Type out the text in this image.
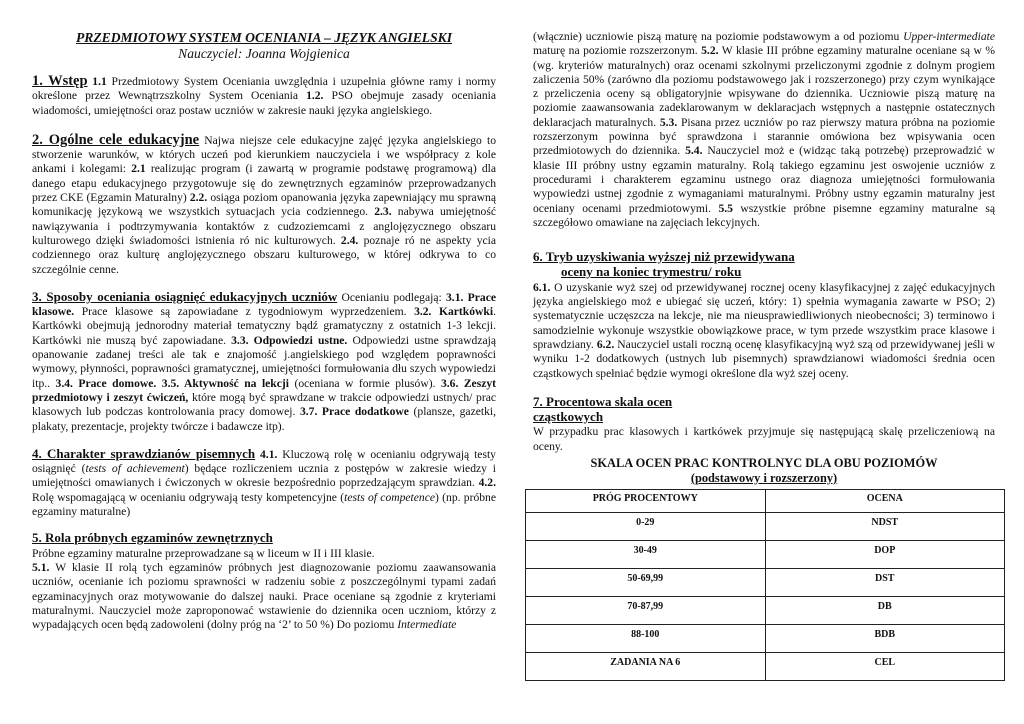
PRZEDMIOTOWY SYSTEM OCENIANIA – JĘZYK ANGIELSKI
Nauczyciel: Joanna Wojgienica

1. Wstęp 1.1 Przedmiotowy System Oceniania uwzględnia i uzupełnia główne ramy i normy określone przez Wewnątrzszkolny System Oceniania 1.2. PSO obejmuje zasady oceniania wiadomości, umiejętności oraz postaw uczniów w zakresie nauki języka angielskiego.

2. Ogólne cele edukacyjne Najwa niejsze cele edukacyjne zajęć języka angielskiego to stworzenie warunków, w których uczeń pod kierunkiem nauczyciela i we współpracy z kole ankami i kolegami: 2.1 realizując program (i zawartą w programie podstawę programową) dla danego etapu edukacyjnego przygotowuje się do zewnętrznych egzaminów przeprowadzanych przez CKE (Egzamin Maturalny) 2.2. osiąga poziom opanowania języka zapewniający mu sprawną komunikację językową we wszystkich sytuacjach ycia codziennego. 2.3. nabywa umiejętność nawiązywania i podtrzymywania kontaktów z cudzoziemcami z anglojęzycznego obszaru kulturowego dzięki świadomości istnienia ró nic kulturowych. 2.4. poznaje ró ne aspekty ycia codziennego oraz kulturę anglojęzycznego obszaru kulturowego, w której odkrywa to co szczególnie cenne.

3. Sposoby oceniania osiągnięć edukacyjnych uczniów Ocenianiu podlegają: 3.1. Prace klasowe. Prace klasowe są zapowiadane z tygodniowym wyprzedzeniem. 3.2. Kartkówki. Kartkówki obejmują jednorodny materiał tematyczny bądź gramatyczny z ostatnich 1-3 lekcji. Kartkówki nie muszą być zapowiadane. 3.3. Odpowiedzi ustne. Odpowiedzi ustne sprawdzają opanowanie zadanej treści ale tak e znajomość j.angielskiego pod względem poprawności wymowy, płynności, poprawności gramatycznej, umiejętności formułowania dłu szych wypowiedzi itp.. 3.4. Prace domowe. 3.5. Aktywność na lekcji (oceniana w formie plusów). 3.6. Zeszyt przedmiotowy i zeszyt ćwiczeń, które mogą być sprawdzane w trakcie odpowiedzi ustnych/ prac klasowych lub podczas kontrolowania pracy domowej. 3.7. Prace dodatkowe (plansze, gazetki, plakaty, prezentacje, projekty twórcze i badawcze itp).

4. Charakter sprawdzianów pisemnych 4.1. Kluczową rolę w ocenianiu odgrywają testy osiągnięć (tests of achievement) będące rozliczeniem ucznia z postępów w zakresie wiedzy i umiejętności omawianych i ćwiczonych w okresie bezpośrednio poprzedzającym sprawdzian. 4.2. Rolę wspomagającą w ocenianiu odgrywają testy kompetencyjne (tests of competence) (np. próbne egzaminy maturalne)

5. Rola próbnych egzaminów zewnętrznych
Próbne egzaminy maturalne przeprowadzane są w liceum w II i III klasie.
5.1. W klasie II rolą tych egzaminów próbnych jest diagnozowanie poziomu zaawansowania uczniów, ocenianie ich poziomu sprawności w radzeniu sobie z poszczególnymi typami zadań egzaminacyjnych oraz motywowanie do dalszej nauki. Prace oceniane są zgodnie z kryteriami maturalnymi. Nauczyciel może zaproponować wstawienie do dziennika ocen uczniom, którzy z wypadających ocen będą zadowoleni (dolny próg na ‘2’ to 50 %) Do poziomu Intermediate

(włącznie) uczniowie piszą maturę na poziomie podstawowym a od poziomu Upper-intermediate maturę na poziomie rozszerzonym. 5.2. W klasie III próbne egzaminy maturalne oceniane są w % (wg. kryteriów maturalnych) oraz ocenami szkolnymi przeliczonymi zgodnie z dolnym progiem zaliczenia 50% (zarówno dla poziomu podstawowego jak i rozszerzonego) przy czym wynikające z przeliczenia oceny są obligatoryjnie wpisywane do dziennika. Uczniowie piszą maturę na poziomie zaawansowania zadeklarowanym w deklaracjach wstępnych a następnie ostatecznych deklaracjach maturalnych. 5.3. Pisana przez uczniów po raz pierwszy matura próbna na poziomie rozszerzonym powinna być sprawdzona i starannie omówiona bez wpisywania ocen przedmiotowych do dziennika. 5.4. Nauczyciel moż e (widząc taką potrzebę) przeprowadzić w klasie III próbny ustny egzamin maturalny. Rolą takiego egzaminu jest oswojenie uczniów z procedurami i charakterem egzaminu ustnego oraz diagnoza umiejętności formułowania wypowiedzi ustnej zgodnie z wymaganiami maturalnymi. Próbny ustny egzamin maturalny jest oceniany ocenami przedmiotowymi. 5.5 wszystkie próbne pisemne egzaminy maturalne są szczegółowo omawiane na zajęciach lekcyjnych.

6. Tryb uzyskiwania wyższej niż przewidywana
oceny na koniec trymestru/ roku
6.1. O uzyskanie wyż szej od przewidywanej rocznej oceny klasyfikacyjnej z zajęć edukacyjnych języka angielskiego moż e ubiegać się uczeń, który: 1) spełnia wymagania zawarte w PSO; 2) systematycznie uczęszcza na lekcje, nie ma nieusprawiedliwionych nieobecności; 3) terminowo i samodzielnie wykonuje wszystkie obowiązkowe prace, w tym przede wszystkim prace klasowe i sprawdziany. 6.2. Nauczyciel ustali roczną ocenę klasyfikacyjną wyż szą od przewidywanej jeśli w wyniku 1-2 dodatkowych (ustnych lub pisemnych) sprawdzianowi wiadomości średnia ocen cząstkowych spełniać będzie wymogi określone dla wyż szej oceny.

7. Procentowa skala ocen
cząstkowych
W przypadku prac klasowych i kartkówek przyjmuje się następującą skalę przeliczeniową na oceny.

SKALA OCEN PRAC KONTROLNYC DLA OBU POZIOMÓW
(podstawowy i rozszerzony)
PRÓG PROCENTOWY	OCENA
0-29	NDST
30-49	DOP
50-69,99	DST
70-87,99	DB
88-100	BDB
ZADANIA NA 6	CEL
